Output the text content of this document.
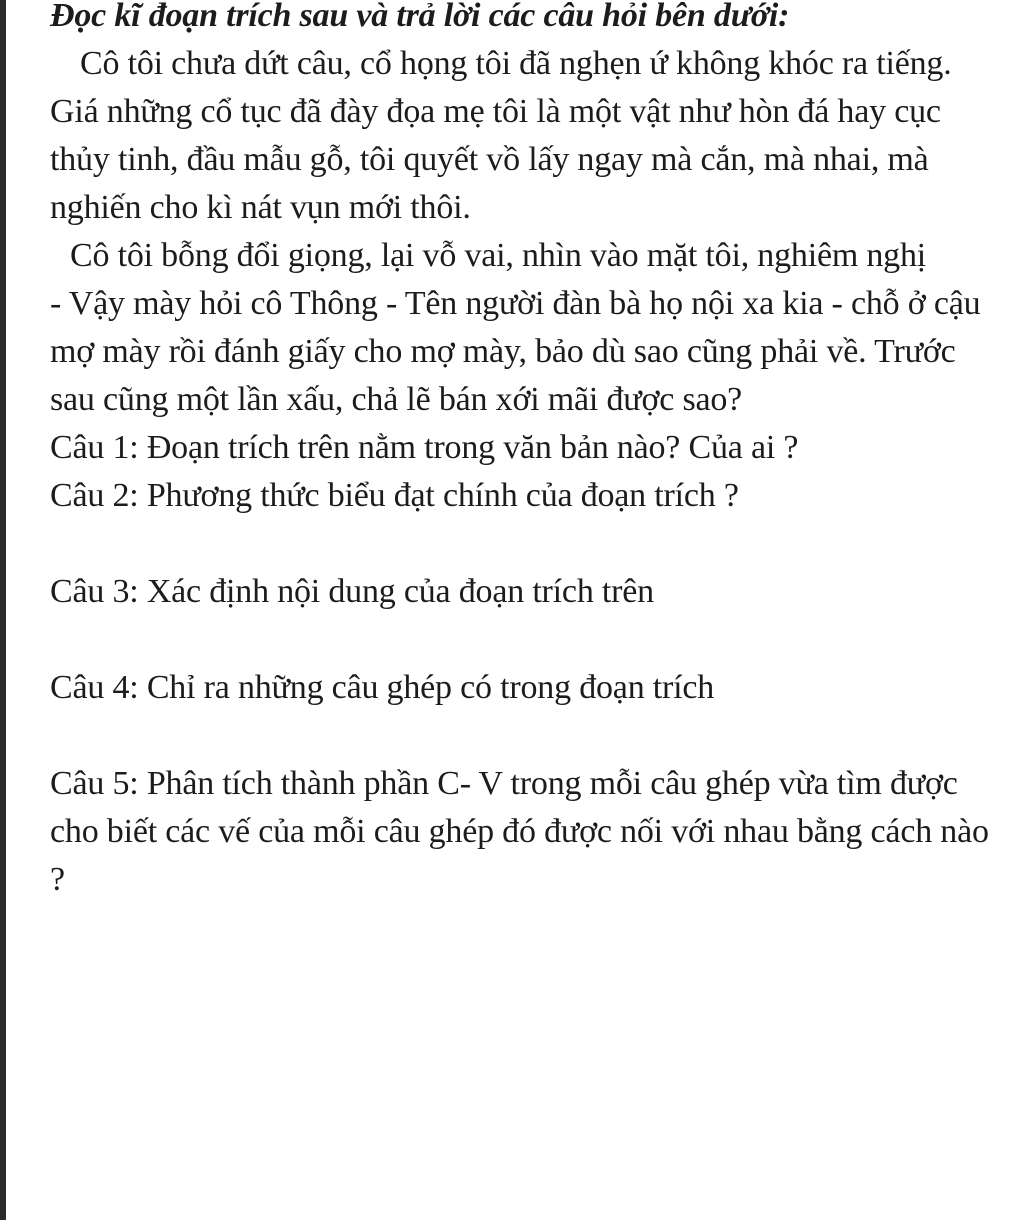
Đọc kĩ đoạn trích sau và trả lời các câu hỏi bên dưới:

Cô tôi chưa dứt câu, cổ họng tôi đã nghẹn ứ không khóc ra tiếng. Giá những cổ tục đã đày đọa mẹ tôi là một vật như hòn đá hay cục thủy tinh, đầu mẫu gỗ, tôi quyết vồ lấy ngay mà cắn, mà nhai, mà nghiến cho kì nát vụn mới thôi.

Cô tôi bỗng đổi giọng, lại vỗ vai, nhìn vào mặt tôi, nghiêm nghị

- Vậy mày hỏi cô Thông - Tên người đàn bà họ nội xa kia - chỗ ở cậu mợ mày rồi đánh giấy cho mợ mày, bảo dù sao cũng phải về. Trước sau cũng một lần xấu, chả lẽ bán xới mãi được sao?

Câu 1: Đoạn trích trên nằm trong văn bản nào? Của ai ?

Câu 2: Phương thức biểu đạt chính của đoạn trích ?

Câu 3: Xác định nội dung của đoạn trích trên

Câu 4: Chỉ ra những câu ghép có trong đoạn trích

Câu 5: Phân tích thành phần C- V trong mỗi câu ghép vừa tìm được

cho biết các vế của mỗi câu ghép đó được nối với nhau bằng cách nào ?
